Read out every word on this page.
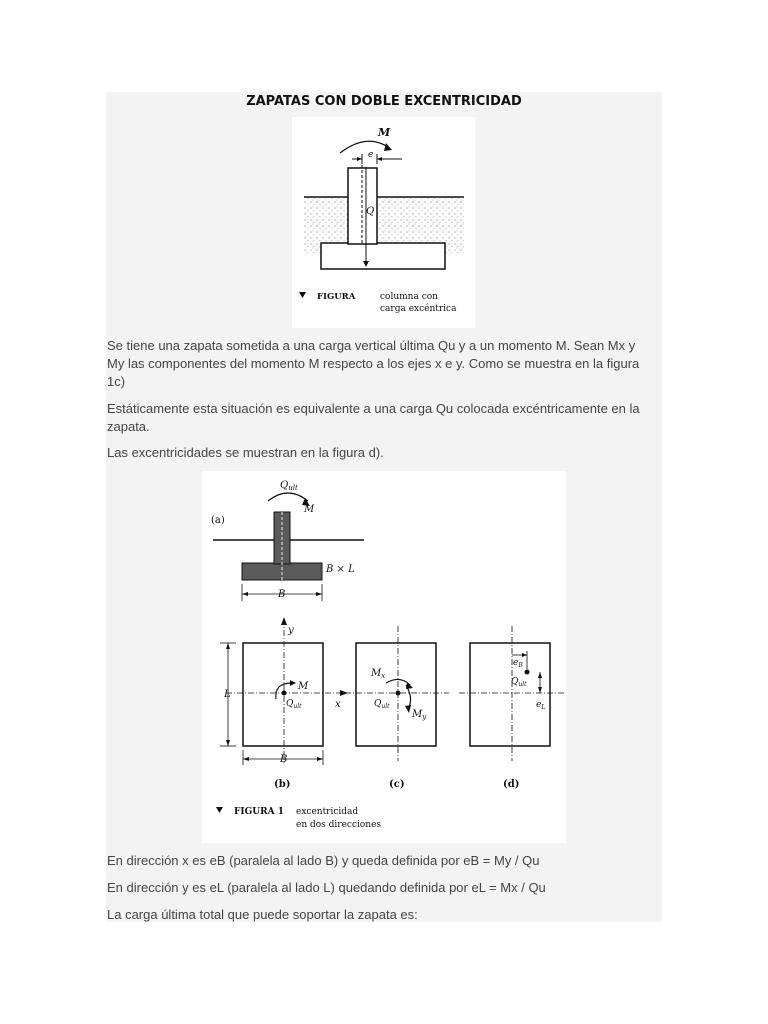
ZAPATAS CON DOBLE EXCENTRICIDAD
M
e
Q
FIGURA	columna con
carga excéntrica

Se tiene una zapata sometida a una carga vertical última Qu y a un momento M. Sean Mx y My las componentes del momento M respecto a los ejes x e y. Como se muestra en la figura 1c)

Estáticamente esta situación es equivalente a una carga Qu colocada excéntricamente en la zapata.

Las excentricidades se muestran en la figura d).

(a)
$Q_{ult}$
M
B × L
B
y
x
M
$Q_{ult}$
L
B
(b)
$M_x$
$M_y$
$Q_{ult}$
(c)
$e_B$
$Q_{ult}$
$e_L$
(d)
FIGURA 1 excentricidad
en dos direcciones

En dirección x es eB (paralela al lado B) y queda definida por eB = My / Qu

En dirección y es eL (paralela al lado L) quedando definida por eL = Mx / Qu

La carga última total que puede soportar la zapata es:
